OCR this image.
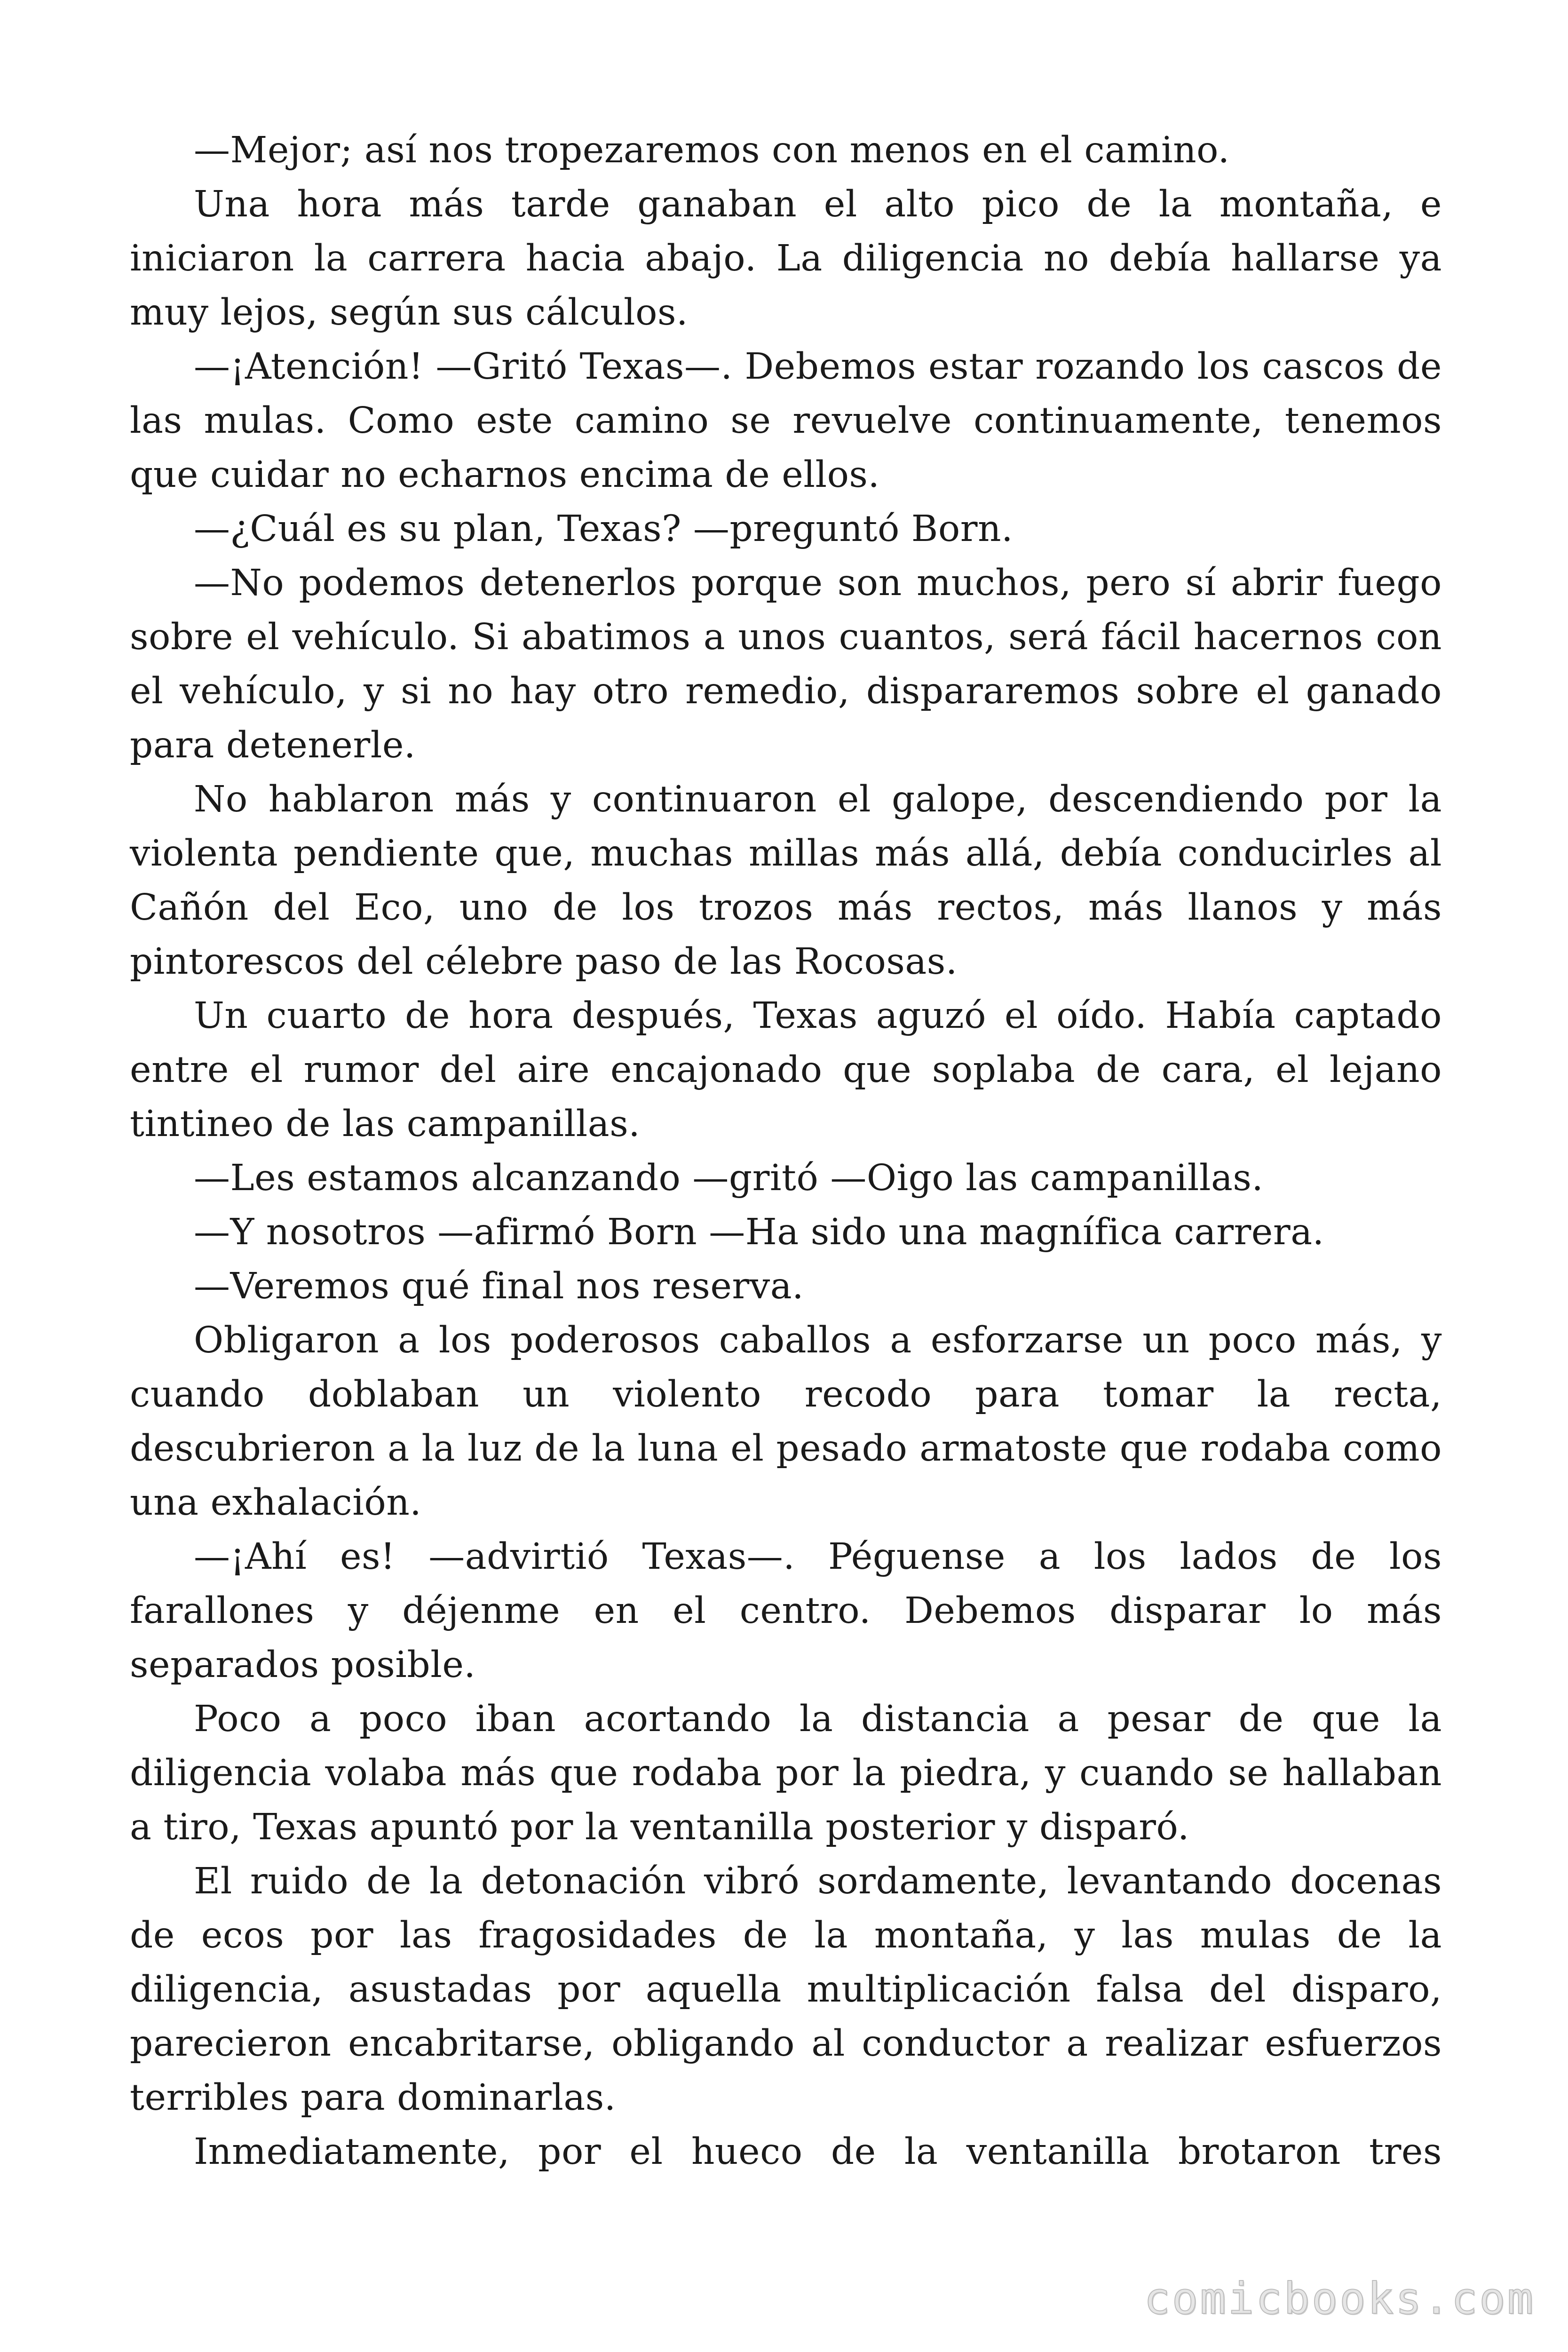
—Mejor; así nos tropezaremos con menos en el camino.

Una hora más tarde ganaban el alto pico de la montaña, e iniciaron la carrera hacia abajo. La diligencia no debía hallarse ya muy lejos, según sus cálculos.

—¡Atención! —Gritó Texas—. Debemos estar rozando los cascos de las mulas. Como este camino se revuelve continuamente, tenemos que cuidar no echarnos encima de ellos.

—¿Cuál es su plan, Texas? —preguntó Born.

—No podemos detenerlos porque son muchos, pero sí abrir fuego sobre el vehículo. Si abatimos a unos cuantos, será fácil hacernos con el vehículo, y si no hay otro remedio, dispararemos sobre el ganado para detenerle.

No hablaron más y continuaron el galope, descendiendo por la violenta pendiente que, muchas millas más allá, debía conducirles al Cañón del Eco, uno de los trozos más rectos, más llanos y más pintorescos del célebre paso de las Rocosas.

Un cuarto de hora después, Texas aguzó el oído. Había captado entre el rumor del aire encajonado que soplaba de cara, el lejano tintineo de las campanillas.

—Les estamos alcanzando —gritó —Oigo las campanillas.

—Y nosotros —afirmó Born —Ha sido una magnífica carrera.

—Veremos qué final nos reserva.

Obligaron a los poderosos caballos a esforzarse un poco más, y cuando doblaban un violento recodo para tomar la recta, descubrieron a la luz de la luna el pesado armatoste que rodaba como una exhalación.

—¡Ahí es! —advirtió Texas—. Péguense a los lados de los farallones y déjenme en el centro. Debemos disparar lo más separados posible.

Poco a poco iban acortando la distancia a pesar de que la diligencia volaba más que rodaba por la piedra, y cuando se hallaban a tiro, Texas apuntó por la ventanilla posterior y disparó.

El ruido de la detonación vibró sordamente, levantando docenas de ecos por las fragosidades de la montaña, y las mulas de la diligencia, asustadas por aquella multiplicación falsa del disparo, parecieron encabritarse, obligando al conductor a realizar esfuerzos terribles para dominarlas.

Inmediatamente, por el hueco de la ventanilla brotaron tres

comicbooks.com
